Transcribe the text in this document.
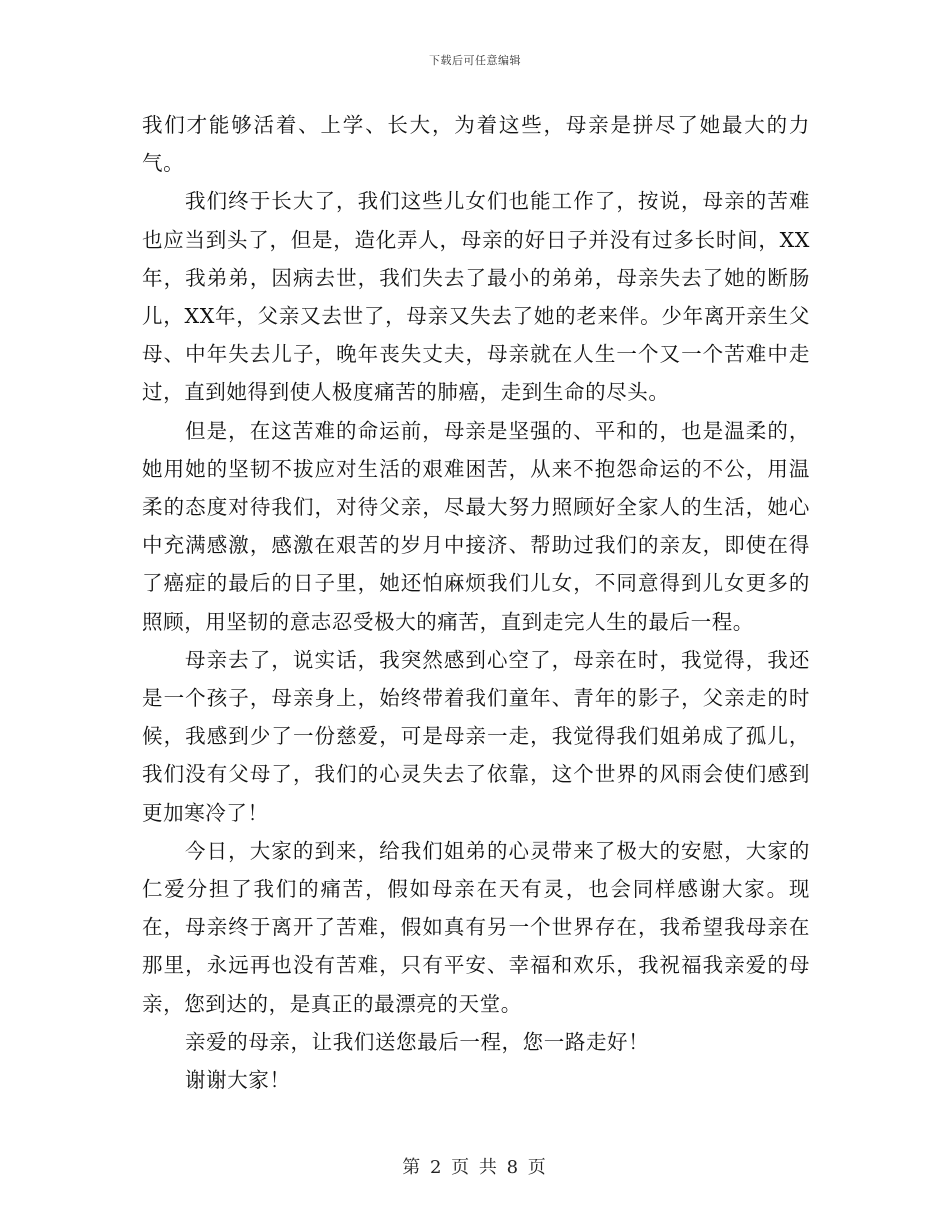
下载后可任意编辑

我们才能够活着、上学、长大，为着这些，母亲是拼尽了她最大的力气。

我们终于长大了，我们这些儿女们也能工作了，按说，母亲的苦难也应当到头了，但是，造化弄人，母亲的好日子并没有过多长时间，XX年，我弟弟，因病去世，我们失去了最小的弟弟，母亲失去了她的断肠儿，XX年，父亲又去世了，母亲又失去了她的老来伴。少年离开亲生父母、中年失去儿子，晚年丧失丈夫，母亲就在人生一个又一个苦难中走过，直到她得到使人极度痛苦的肺癌，走到生命的尽头。

但是，在这苦难的命运前，母亲是坚强的、平和的，也是温柔的，她用她的坚韧不拔应对生活的艰难困苦，从来不抱怨命运的不公，用温柔的态度对待我们，对待父亲，尽最大努力照顾好全家人的生活，她心中充满感激，感激在艰苦的岁月中接济、帮助过我们的亲友，即使在得了癌症的最后的日子里，她还怕麻烦我们儿女，不同意得到儿女更多的照顾，用坚韧的意志忍受极大的痛苦，直到走完人生的最后一程。

母亲去了，说实话，我突然感到心空了，母亲在时，我觉得，我还是一个孩子，母亲身上，始终带着我们童年、青年的影子，父亲走的时候，我感到少了一份慈爱，可是母亲一走，我觉得我们姐弟成了孤儿，我们没有父母了，我们的心灵失去了依靠，这个世界的风雨会使们感到更加寒冷了！

今日，大家的到来，给我们姐弟的心灵带来了极大的安慰，大家的仁爱分担了我们的痛苦，假如母亲在天有灵，也会同样感谢大家。现在，母亲终于离开了苦难，假如真有另一个世界存在，我希望我母亲在那里，永远再也没有苦难，只有平安、幸福和欢乐，我祝福我亲爱的母亲，您到达的，是真正的最漂亮的天堂。

亲爱的母亲，让我们送您最后一程，您一路走好！

谢谢大家！

第 2 页 共 8 页
